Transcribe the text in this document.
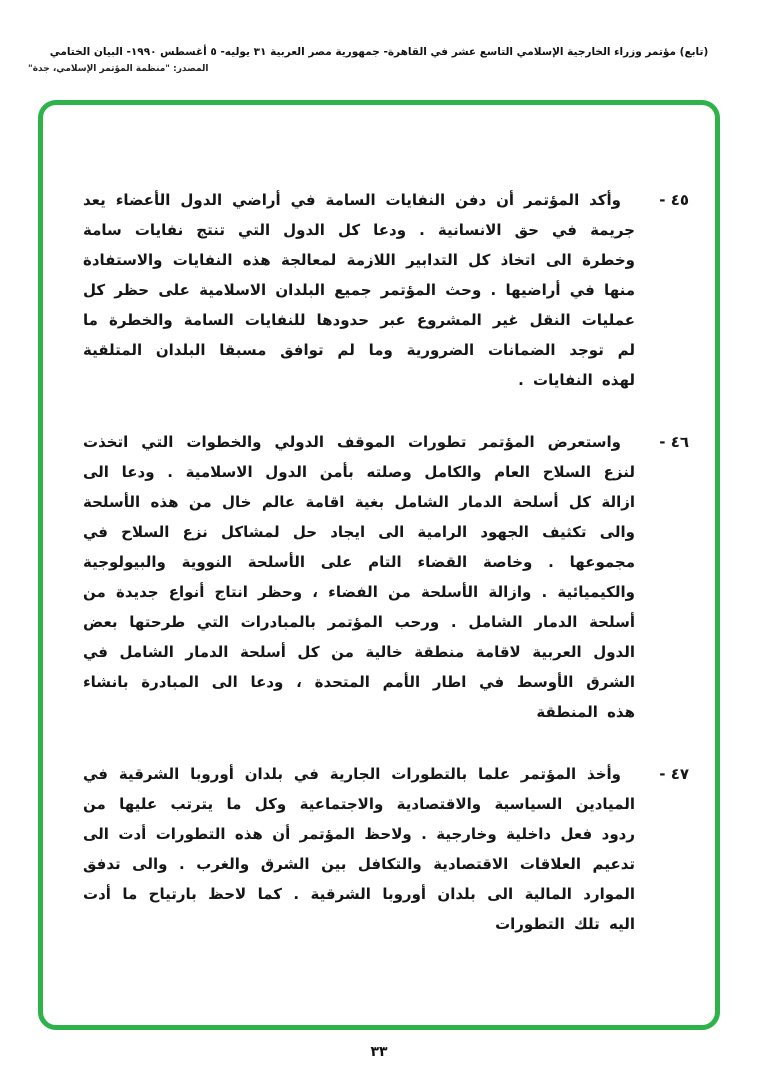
(تابع) مؤتمر وزراء الخارجية الإسلامي التاسع عشر في القاهرة- جمهورية مصر العربية ٣١ يوليه- ٥ أغسطس ١٩٩٠- البيان الختامي
المصدر: "منظمة المؤتمر الإسلامي، جدة"
٤٥ -
وأكد المؤتمر أن دفن النفايات السامة في أراضي الدول الأعضاء يعد جريمة في حق الانسانية . ودعا كل الدول التي تنتج نفايات سامة وخطرة الى اتخاذ كل التدابير اللازمة لمعالجة هذه النفايات والاستفادة منها في أراضيها . وحث المؤتمر جميع البلدان الاسلامية على حظر كل عمليات النقل غير المشروع عبر حدودها للنفايات السامة والخطرة ما لم توجد الضمانات الضرورية وما لم توافق مسبقا البلدان المتلقية لهذه النفايات .
٤٦ -
واستعرض المؤتمر تطورات الموقف الدولي والخطوات التي اتخذت لنزع السلاح العام والكامل وصلته بأمن الدول الاسلامية . ودعا الى ازالة كل أسلحة الدمار الشامل بغية اقامة عالم خال من هذه الأسلحة والى تكثيف الجهود الرامية الى ايجاد حل لمشاكل نزع السلاح في مجموعها . وخاصة القضاء التام على الأسلحة النووية والبيولوجية والكيميائية . وازالة الأسلحة من الفضاء ، وحظر انتاج أنواع جديدة من أسلحة الدمار الشامل . ورحب المؤتمر بالمبادرات التي طرحتها بعض الدول العربية لاقامة منطقة خالية من كل أسلحة الدمار الشامل في الشرق الأوسط في اطار الأمم المتحدة ، ودعا الى المبادرة بانشاء هذه المنطقة
٤٧ -
وأخذ المؤتمر علما بالتطورات الجارية في بلدان أوروبا الشرقية في الميادين السياسية والاقتصادية والاجتماعية وكل ما يترتب عليها من ردود فعل داخلية وخارجية . ولاحظ المؤتمر أن هذه التطورات أدت الى تدعيم العلاقات الاقتصادية والتكافل بين الشرق والغرب . والى تدفق الموارد المالية الى بلدان أوروبا الشرقية . كما لاحظ بارتياح ما أدت اليه تلك التطورات
٣٣
